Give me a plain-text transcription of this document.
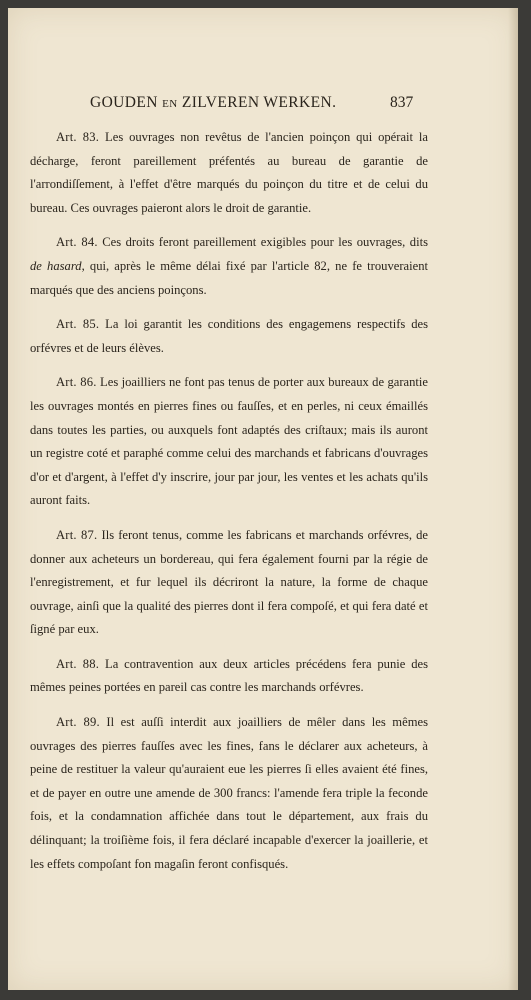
GOUDEN EN ZILVEREN WERKEN.	837

Art. 83. Les ouvrages non revêtus de l'ancien poinçon qui opérait la décharge, feront pareillement préfentés au bureau de garantie de l'arrondiſſement, à l'effet d'être marqués du poinçon du titre et de celui du bureau. Ces ouvrages paieront alors le droit de garantie.

Art. 84. Ces droits feront pareillement exigibles pour les ouvrages, dits de hasard, qui, après le même délai fixé par l'article 82, ne fe trouveraient marqués que des anciens poinçons.

Art. 85. La loi garantit les conditions des engagemens respectifs des orfévres et de leurs élèves.

Art. 86. Les joailliers ne font pas tenus de porter aux bureaux de garantie les ouvrages montés en pierres fines ou fauſſes, et en perles, ni ceux émaillés dans toutes les parties, ou auxquels font adaptés des criſtaux; mais ils auront un registre coté et paraphé comme celui des marchands et fabricans d'ouvrages d'or et d'argent, à l'effet d'y inscrire, jour par jour, les ventes et les achats qu'ils auront faits.

Art. 87. Ils feront tenus, comme les fabricans et marchands orfévres, de donner aux acheteurs un bordereau, qui fera également fourni par la régie de l'enregistrement, et fur lequel ils décriront la nature, la forme de chaque ouvrage, ainſi que la qualité des pierres dont il fera compoſé, et qui fera daté et ſigné par eux.

Art. 88. La contravention aux deux articles précédens fera punie des mêmes peines portées en pareil cas contre les marchands orfévres.

Art. 89. Il est auſſi interdit aux joailliers de mêler dans les mêmes ouvrages des pierres fauſſes avec les fines, fans le déclarer aux acheteurs, à peine de restituer la valeur qu'auraient eue les pierres ſi elles avaient été fines, et de payer en outre une amende de 300 francs: l'amende fera triple la feconde fois, et la condamnation affichée dans tout le département, aux frais du délinquant; la troiſième fois, il fera déclaré incapable d'exercer la joaillerie, et les effets compoſant fon magaſin feront confisqués.
